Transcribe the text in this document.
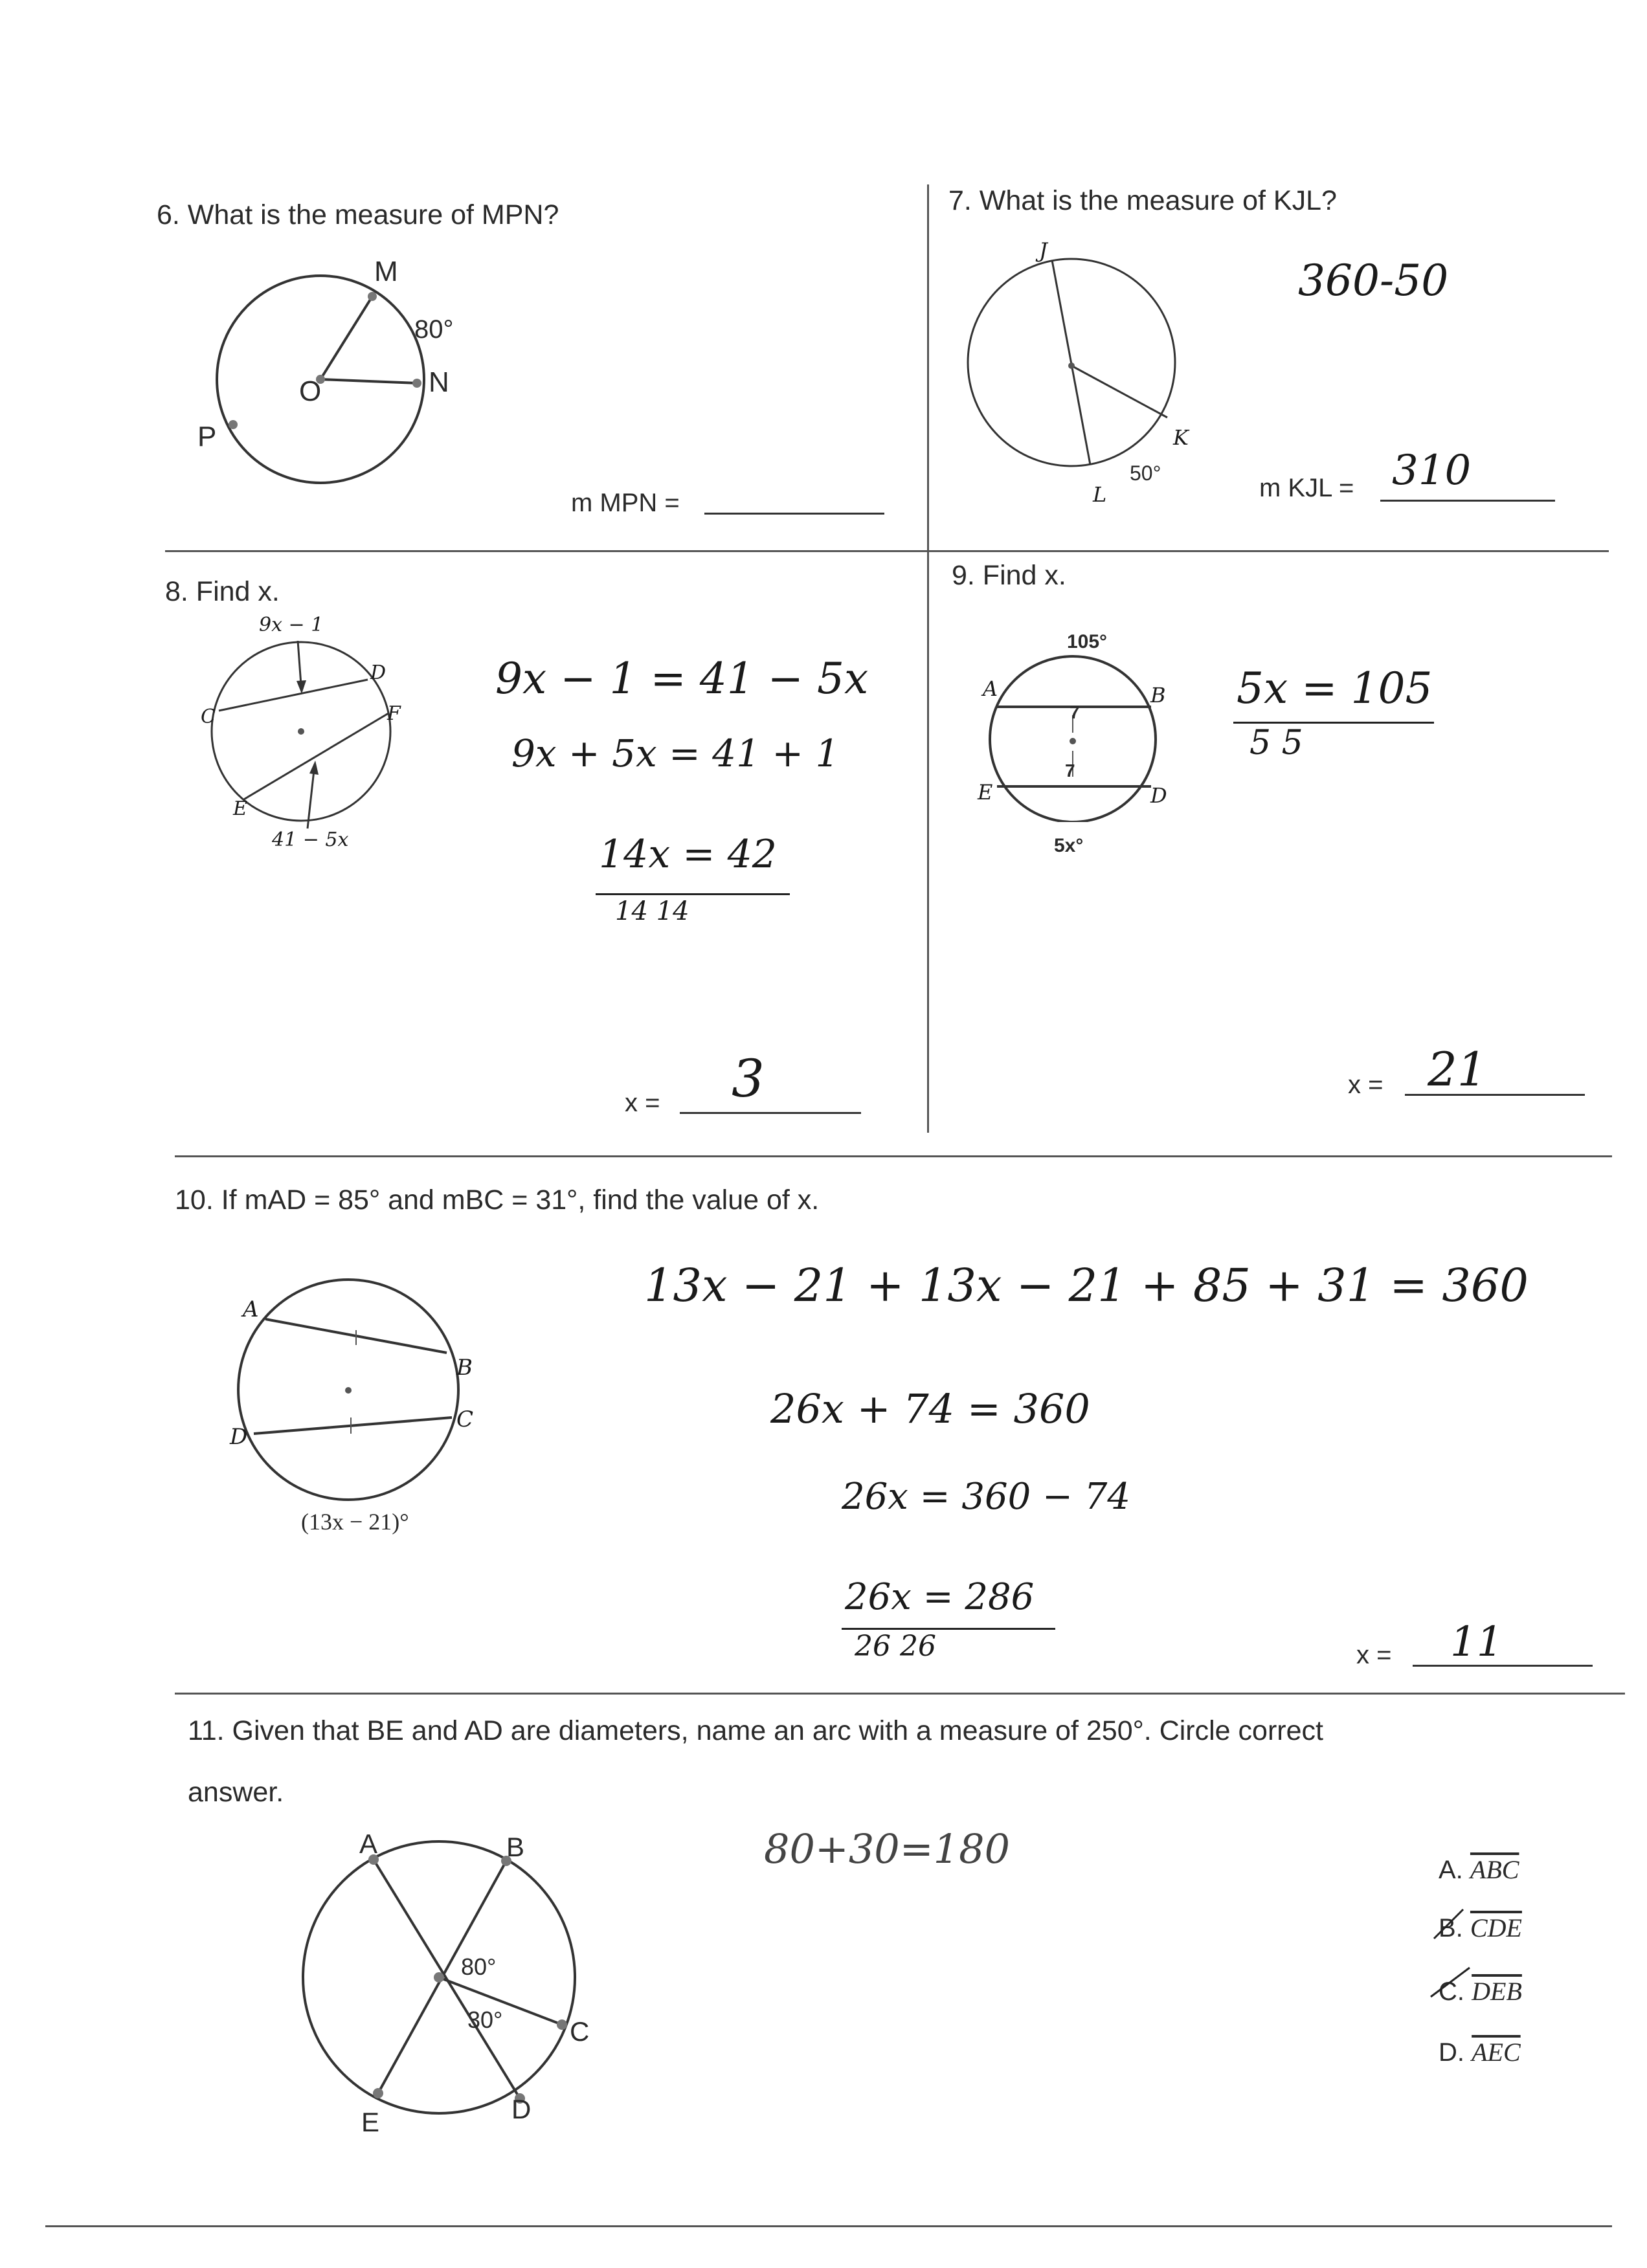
6. What is the measure of MPN?
M
80°
O	N
P
m MPN =
7. What is the measure of KJL?
J
K
L
50°
360-50
m KJL = 310
8. Find x.
9x − 1
C
D
F
E
41 − 5x
9x − 1 = 41 − 5x
9x + 5x = 41 + 1
14x = 42
14 14
x = 3
9. Find x.
105°
A	B
E	D
7
7
5x°
5x = 105
5 5
x = 21
10. If mAD = 85° and mBC = 31°, find the value of x.
A
B
C
D
(13x − 21)°
13x − 21 + 13x − 21 + 85 + 31 = 360
26x + 74 = 360
26x = 360 − 74
26x = 286
26 26	x = 11
11. Given that BE and AD are diameters, name an arc with a measure of 250°. Circle correct
answer.
A	B
C
D
E
80°
30°
80+30=180	A. $\overline{ABC}$
B. $\overline{CDE}$
C. $\overline{DEB}$
D. $\overline{AEC}$
